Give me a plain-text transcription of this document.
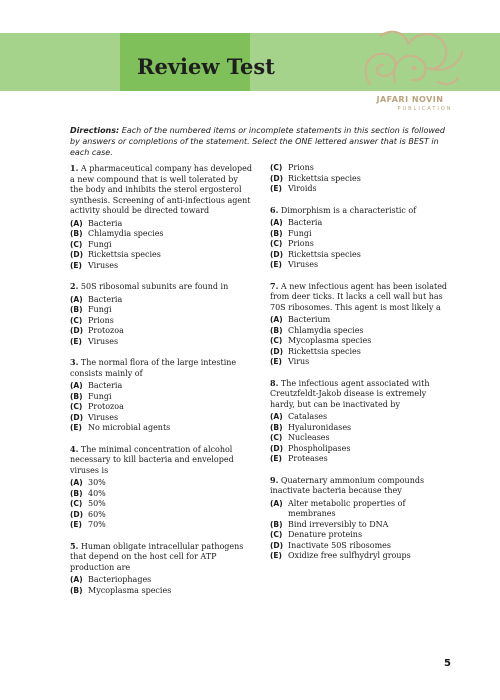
Review Test
JAFARI NOVIN
PUBLICATION
Directions: Each of the numbered items or incomplete statements in this section is followed by answers or completions of the statement. Select the ONE lettered answer that is BEST in each case.

1. A pharmaceutical company has developed a new compound that is well tolerated by the body and inhibits the sterol ergosterol synthesis. Screening of anti-infectious agent activity should be directed toward

(A) Bacteria
(B) Chlamydia species
(C) Fungi
(D) Rickettsia species
(E) Viruses

2. 50S ribosomal subunits are found in

(A) Bacteria
(B) Fungi
(C) Prions
(D) Protozoa
(E) Viruses

3. The normal flora of the large intestine consists mainly of

(A) Bacteria
(B) Fungi
(C) Protozoa
(D) Viruses
(E) No microbial agents

4. The minimal concentration of alcohol necessary to kill bacteria and enveloped viruses is

(A) 30%
(B) 40%
(C) 50%
(D) 60%
(E) 70%

5. Human obligate intracellular pathogens that depend on the host cell for ATP production are

(A) Bacteriophages
(B) Mycoplasma species
(C) Prions
(D) Rickettsia species
(E) Viroids

6. Dimorphism is a characteristic of

(A) Bacteria
(B) Fungi
(C) Prions
(D) Rickettsia species
(E) Viruses

7. A new infectious agent has been isolated from deer ticks. It lacks a cell wall but has 70S ribosomes. This agent is most likely a

(A) Bacterium
(B) Chlamydia species
(C) Mycoplasma species
(D) Rickettsia species
(E) Virus

8. The infectious agent associated with Creutzfeldt-Jakob disease is extremely hardy, but can be inactivated by

(A) Catalases
(B) Hyaluronidases
(C) Nucleases
(D) Phospholipases
(E) Proteases

9. Quaternary ammonium compounds inactivate bacteria because they

(A) Alter metabolic properties of membranes
(B) Bind irreversibly to DNA
(C) Denature proteins
(D) Inactivate 50S ribosomes
(E) Oxidize free sulfhydryl groups
5
